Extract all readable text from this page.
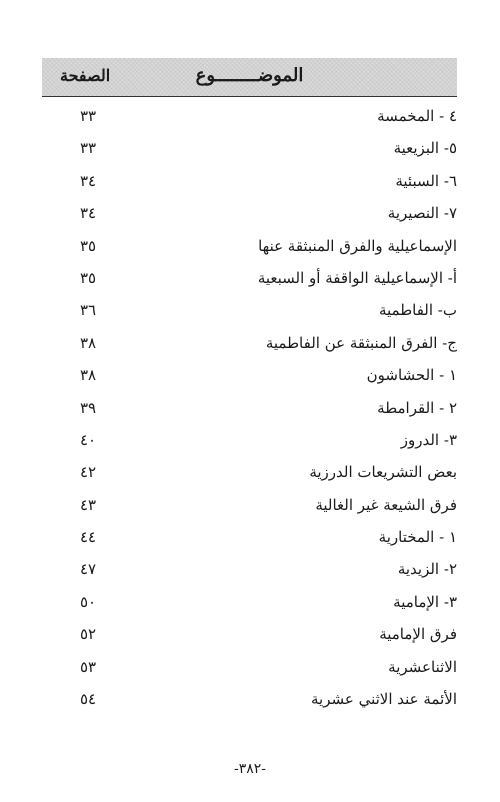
الموضــــــــوع
الصفحة
٤ - المخمسة
٣٣
٥- البزيعية
٣٣
٦- السبئية
٣٤
٧- النصيرية
٣٤
الإسماعيلية والفرق المنبثقة عنها
٣٥
أ- الإسماعيلية الواقفة أو السبعية
٣٥
ب- الفاطمية
٣٦
ج- الفرق المنبثقة عن الفاطمية
٣٨
١ - الحشاشون
٣٨
٢ - القرامطة
٣٩
٣- الدروز
٤٠
بعض التشريعات الدرزية
٤٢
فرق الشيعة غير الغالية
٤٣
١ - المختارية
٤٤
٢- الزيدية
٤٧
٣- الإمامية
٥٠
فرق الإمامية
٥٢
الاثناعشرية
٥٣
الأئمة عند الاثني عشرية
٥٤
-٣٨٢-
